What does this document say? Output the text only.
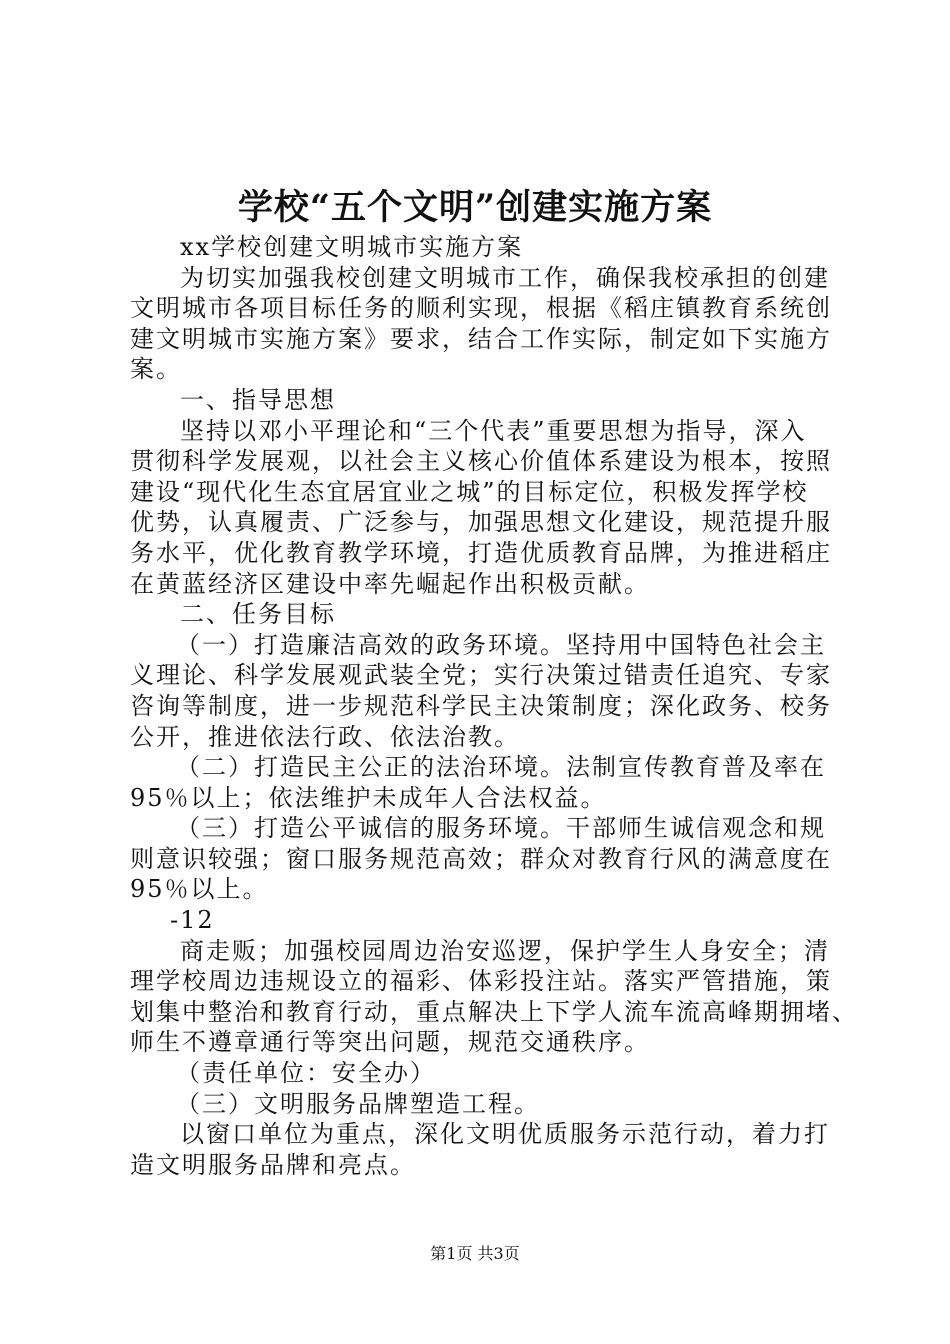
学校“五个文明”创建实施方案
xx学校创建文明城市实施方案
为切实加强我校创建文明城市工作，确保我校承担的创建
文明城市各项目标任务的顺利实现，根据《稻庄镇教育系统创
建文明城市实施方案》要求，结合工作实际，制定如下实施方
案。
一、指导思想
坚持以邓小平理论和“三个代表”重要思想为指导，深入
贯彻科学发展观，以社会主义核心价值体系建设为根本，按照
建设“现代化生态宜居宜业之城”的目标定位，积极发挥学校
优势，认真履责、广泛参与，加强思想文化建设，规范提升服
务水平，优化教育教学环境，打造优质教育品牌，为推进稻庄
在黄蓝经济区建设中率先崛起作出积极贡献。
二、任务目标
（一）打造廉洁高效的政务环境。坚持用中国特色社会主
义理论、科学发展观武装全党；实行决策过错责任追究、专家
咨询等制度，进一步规范科学民主决策制度；深化政务、校务
公开，推进依法行政、依法治教。
（二）打造民主公正的法治环境。法制宣传教育普及率在
95％以上；依法维护未成年人合法权益。
（三）打造公平诚信的服务环境。干部师生诚信观念和规
则意识较强；窗口服务规范高效；群众对教育行风的满意度在
95％以上。
-12
商走贩；加强校园周边治安巡逻，保护学生人身安全；清
理学校周边违规设立的福彩、体彩投注站。落实严管措施，策
划集中整治和教育行动，重点解决上下学人流车流高峰期拥堵、
师生不遵章通行等突出问题，规范交通秩序。
（责任单位：安全办）
（三）文明服务品牌塑造工程。
以窗口单位为重点，深化文明优质服务示范行动，着力打
造文明服务品牌和亮点。
第1页 共3页
